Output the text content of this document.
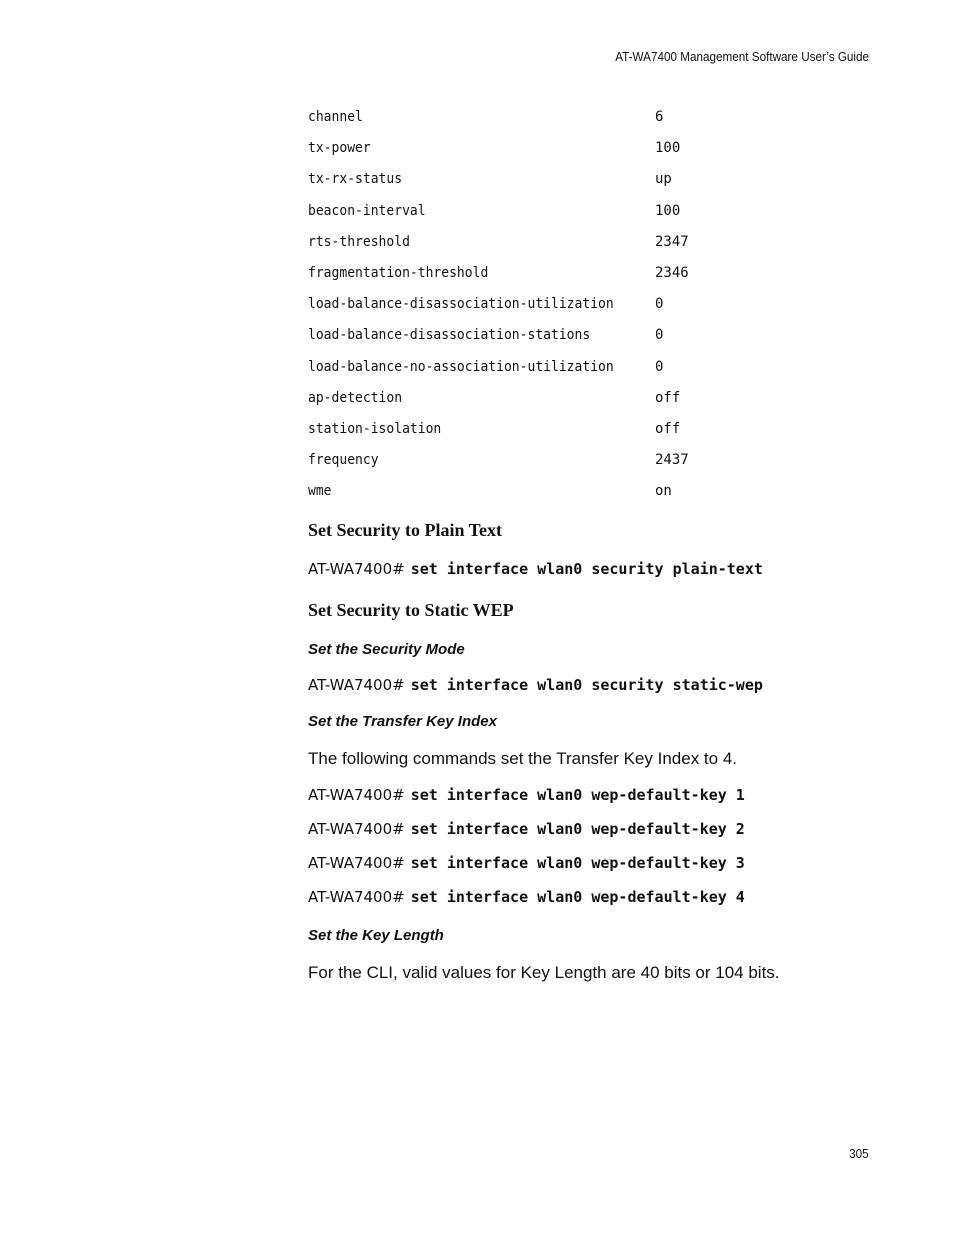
AT-WA7400 Management Software User’s Guide
channel	6
tx-power	100
tx-rx-status	up
beacon-interval	100
rts-threshold	2347
fragmentation-threshold	2346
load-balance-disassociation-utilization	0
load-balance-disassociation-stations	0
load-balance-no-association-utilization	0
ap-detection	off
station-isolation	off
frequency	2437
wme	on
Set Security to Plain Text
AT-WA7400# set interface wlan0 security plain-text
Set Security to Static WEP
Set the Security Mode
AT-WA7400# set interface wlan0 security static-wep
Set the Transfer Key Index
The following commands set the Transfer Key Index to 4.
AT-WA7400# set interface wlan0 wep-default-key 1
AT-WA7400# set interface wlan0 wep-default-key 2
AT-WA7400# set interface wlan0 wep-default-key 3
AT-WA7400# set interface wlan0 wep-default-key 4
Set the Key Length
For the CLI, valid values for Key Length are 40 bits or 104 bits.
305
